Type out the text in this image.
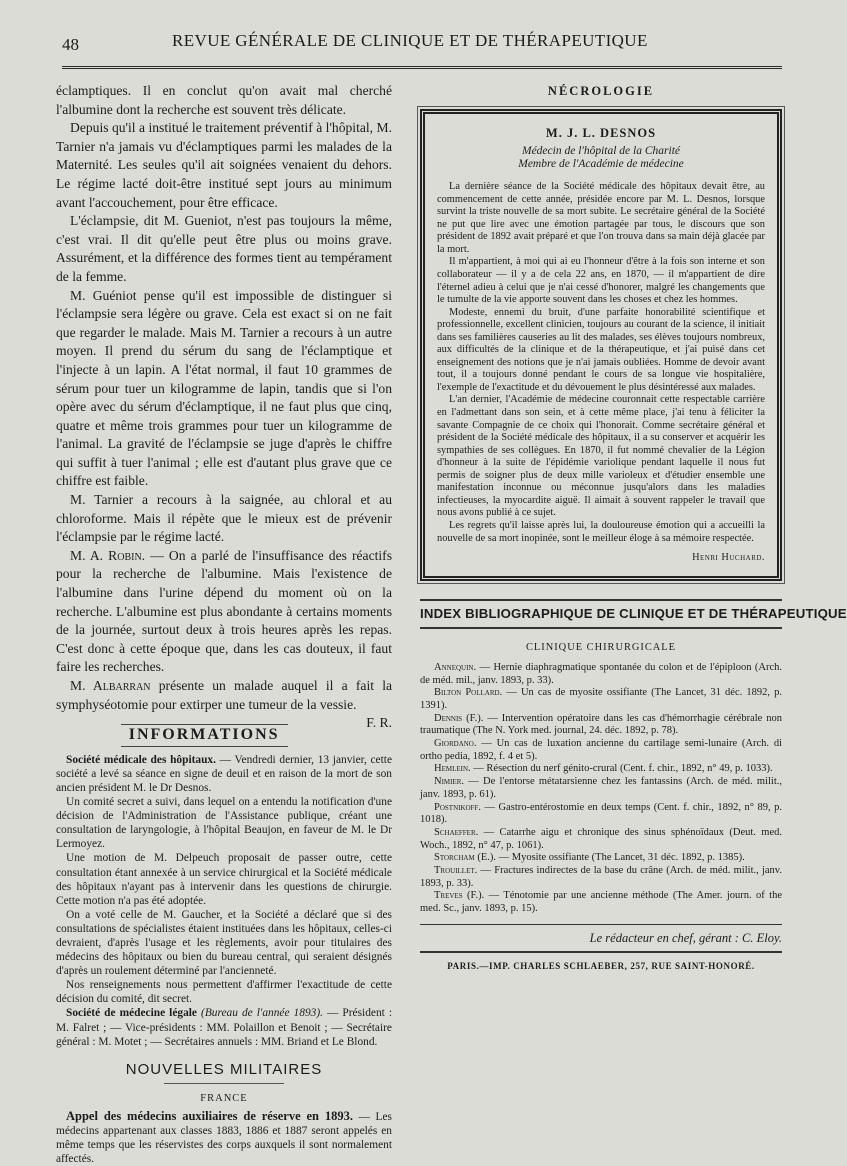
48	REVUE GÉNÉRALE DE CLINIQUE ET DE THÉRAPEUTIQUE

éclamptiques. Il en conclut qu'on avait mal cherché l'albumine dont la recherche est souvent très délicate.

Depuis qu'il a institué le traitement préventif à l'hôpital, M. Tarnier n'a jamais vu d'éclamptiques parmi les malades de la Maternité. Les seules qu'il ait soignées venaient du dehors. Le régime lacté doit-être institué sept jours au minimum avant l'accouchement, pour être efficace.

L'éclampsie, dit M. Gueniot, n'est pas toujours la même, c'est vrai. Il dit qu'elle peut être plus ou moins grave. Assurément, et la différence des formes tient au tempérament de la femme.

M. Guéniot pense qu'il est impossible de distinguer si l'éclampsie sera légère ou grave. Cela est exact si on ne fait que regarder le malade. Mais M. Tarnier a recours à un autre moyen. Il prend du sérum du sang de l'éclamptique et l'injecte à un lapin. A l'état normal, il faut 10 grammes de sérum pour tuer un kilogramme de lapin, tandis que si l'on opère avec du sérum d'éclamptique, il ne faut plus que cinq, quatre et même trois grammes pour tuer un kilogramme de l'animal. La gravité de l'éclampsie se juge d'après le chiffre qui suffit à tuer l'animal ; elle est d'autant plus grave que ce chiffre est faible.

M. Tarnier a recours à la saignée, au chloral et au chloroforme. Mais il répète que le mieux est de prévenir l'éclampsie par le régime lacté.

M. A. Robin. — On a parlé de l'insuffisance des réactifs pour la recherche de l'albumine. Mais l'existence de l'albumine dans l'urine dépend du moment où on la recherche. L'albumine est plus abondante à certains moments de la journée, surtout deux à trois heures après les repas. C'est donc à cette époque que, dans les cas douteux, il faut faire les recherches.

M. Albarran présente un malade auquel il a fait la symphyséotomie pour extirper une tumeur de la vessie.
F. R.

INFORMATIONS

Société médicale des hôpitaux. — Vendredi dernier, 13 janvier, cette société a levé sa séance en signe de deuil et en raison de la mort de son ancien président M. le Dr Desnos.

Un comité secret a suivi, dans lequel on a entendu la notification d'une décision de l'Administration de l'Assistance publique, créant une consultation de laryngologie, à l'hôpital Beaujon, en faveur de M. le Dr Lermoyez.

Une motion de M. Delpeuch proposait de passer outre, cette consultation étant annexée à un service chirurgical et la Société médicale des hôpitaux n'ayant pas à intervenir dans les questions de chirurgie. Cette motion n'a pas été adoptée.

On a voté celle de M. Gaucher, et la Société a déclaré que si des consultations de spécialistes étaient instituées dans les hôpitaux, celles-ci devraient, d'après l'usage et les règlements, avoir pour titulaires des médecins des hôpitaux ou bien du bureau central, qui seraient désignés d'après un roulement déterminé par l'ancienneté.

Nos renseignements nous permettent d'affirmer l'exactitude de cette décision du comité, dit secret.

Société de médecine légale (Bureau de l'année 1893). — Président : M. Falret ; — Vice-présidents : MM. Polaillon et Benoit ; — Secrétaire général : M. Motet ; — Secrétaires annuels : MM. Briand et Le Blond.

NOUVELLES MILITAIRES
FRANCE

Appel des médecins auxiliaires de réserve en 1893. — Les médecins appartenant aux classes 1883, 1886 et 1887 seront appelés en même temps que les réservistes des corps auxquels il sont normalement affectés.

NÉCROLOGIE
M. J. L. DESNOS
Médecin de l'hôpital de la Charité
Membre de l'Académie de médecine

La dernière séance de la Société médicale des hôpitaux devait être, au commencement de cette année, présidée encore par M. L. Desnos, lorsque survint la triste nouvelle de sa mort subite. Le secrétaire général de la Société ne put que lire avec une émotion partagée par tous, le discours que son président de 1892 avait préparé et que l'on trouva dans sa main déjà glacée par la mort.

Il m'appartient, à moi qui ai eu l'honneur d'être à la fois son interne et son collaborateur — il y a de cela 22 ans, en 1870, — il m'appartient de dire l'éternel adieu à celui que je n'ai cessé d'honorer, malgré les changements que le tumulte de la vie apporte souvent dans les choses et chez les hommes.

Modeste, ennemi du bruit, d'une parfaite honorabilité scientifique et professionnelle, excellent clinicien, toujours au courant de la science, il initiait dans ses familières causeries au lit des malades, ses élèves toujours nombreux, aux difficultés de la clinique et de la thérapeutique, et j'ai puisé dans cet enseignement des notions que je n'ai jamais oubliées. Homme de devoir avant tout, il a toujours donné pendant le cours de sa longue vie hospitalière, l'exemple de l'exactitude et du dévouement le plus désintéressé aux malades.

L'an dernier, l'Académie de médecine couronnait cette respectable carrière en l'admettant dans son sein, et à cette même place, j'ai tenu à féliciter la savante Compagnie de ce choix qui l'honorait. Comme secrétaire général et président de la Société médicale des hôpitaux, il a su conserver et acquérir les sympathies de ses collègues. En 1870, il fut nommé chevalier de la Légion d'honneur à la suite de l'épidémie variolique pendant laquelle il nous fut permis de soigner plus de deux mille varioleux et d'étudier ensemble une manifestation inconnue ou méconnue jusqu'alors dans les maladies infectieuses, la myocardite aiguë. Il aimait à souvent rappeler le travail que nous avons publié à ce sujet.

Les regrets qu'il laisse après lui, la douloureuse émotion qui a accueilli la nouvelle de sa mort inopinée, sont le meilleur éloge à sa mémoire respectée.

Henri Huchard.
INDEX BIBLIOGRAPHIQUE DE CLINIQUE ET DE THÉRAPEUTIQUE
CLINIQUE CHIRURGICALE

Annequin. — Hernie diaphragmatique spontanée du colon et de l'épiploon (Arch. de méd. mil., janv. 1893, p. 33).

Bilton Pollard. — Un cas de myosite ossifiante (The Lancet, 31 déc. 1892, p. 1391).

Dennis (F.). — Intervention opératoire dans les cas d'hémorrhagie cérébrale non traumatique (The N. York med. journal, 24. déc. 1892, p. 78).

Giordano. — Un cas de luxation ancienne du cartilage semi-lunaire (Arch. di ortho pedia, 1892, f. 4 et 5).

Hemlein. — Résection du nerf génito-crural (Cent. f. chir., 1892, n° 49, p. 1033).

Nimier. — De l'entorse métatarsienne chez les fantassins (Arch. de méd. milit., janv. 1893, p. 61).

Postnikoff. — Gastro-entérostomie en deux temps (Cent. f. chir., 1892, n° 89, p. 1018).

Schaeffer. — Catarrhe aigu et chronique des sinus sphénoïdaux (Deut. med. Woch., 1892, n° 47, p. 1061).

Storcham (E.). — Myosite ossifiante (The Lancet, 31 déc. 1892, p. 1385).

Trouillet. — Fractures indirectes de la base du crâne (Arch. de méd. milit., janv. 1893, p. 33).

Treves (F.). — Ténotomie par une ancienne méthode (The Amer. journ. of the med. Sc., janv. 1893, p. 15).

Le rédacteur en chef, gérant : C. Eloy.
PARIS.—IMP. CHARLES SCHLAEBER, 257, RUE SAINT-HONORÉ.
